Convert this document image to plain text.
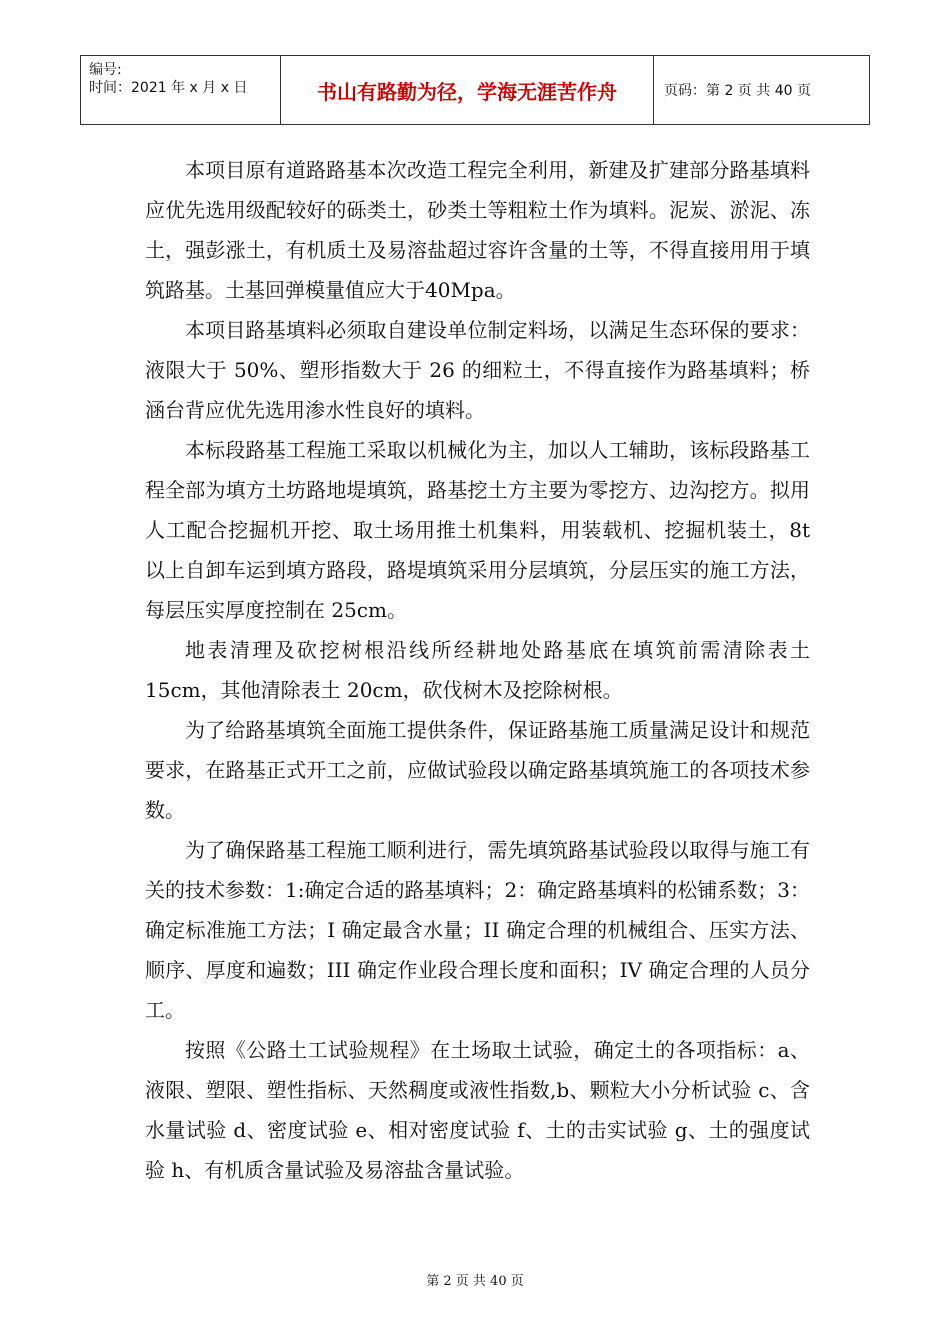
编号:
时间：2021 年 x 月 x 日	书山有路勤为径，学海无涯苦作舟	页码：第 2 页 共 40 页

本项目原有道路路基本次改造工程完全利用，新建及扩建部分路基填料应优先选用级配较好的砾类土，砂类土等粗粒土作为填料。泥炭、淤泥、冻土，强彭涨土，有机质土及易溶盐超过容许含量的土等，不得直接用用于填筑路基。土基回弹模量值应大于40Mpa。

本项目路基填料必须取自建设单位制定料场，以满足生态环保的要求：液限大于 50%、塑形指数大于 26 的细粒土，不得直接作为路基填料；桥涵台背应优先选用渗水性良好的填料。

本标段路基工程施工采取以机械化为主，加以人工辅助，该标段路基工程全部为填方土坊路地堤填筑，路基挖土方主要为零挖方、边沟挖方。拟用人工配合挖掘机开挖、取土场用推土机集料，用装载机、挖掘机装土，8t 以上自卸车运到填方路段，路堤填筑采用分层填筑，分层压实的施工方法，每层压实厚度控制在 25cm。

地表清理及砍挖树根沿线所经耕地处路基底在填筑前需清除表土 15cm，其他清除表土 20cm，砍伐树木及挖除树根。

为了给路基填筑全面施工提供条件，保证路基施工质量满足设计和规范要求，在路基正式开工之前，应做试验段以确定路基填筑施工的各项技术参数。

为了确保路基工程施工顺利进行，需先填筑路基试验段以取得与施工有关的技术参数：1:确定合适的路基填料；2：确定路基填料的松铺系数；3：确定标准施工方法；I 确定最含水量；II 确定合理的机械组合、压实方法、顺序、厚度和遍数；III 确定作业段合理长度和面积；IV 确定合理的人员分工。

按照《公路土工试验规程》在土场取土试验，确定土的各项指标：a、液限、塑限、塑性指标、天然稠度或液性指数,b、颗粒大小分析试验 c、含水量试验 d、密度试验 e、相对密度试验 f、土的击实试验 g、土的强度试验 h、有机质含量试验及易溶盐含量试验。

第 2 页 共 40 页
